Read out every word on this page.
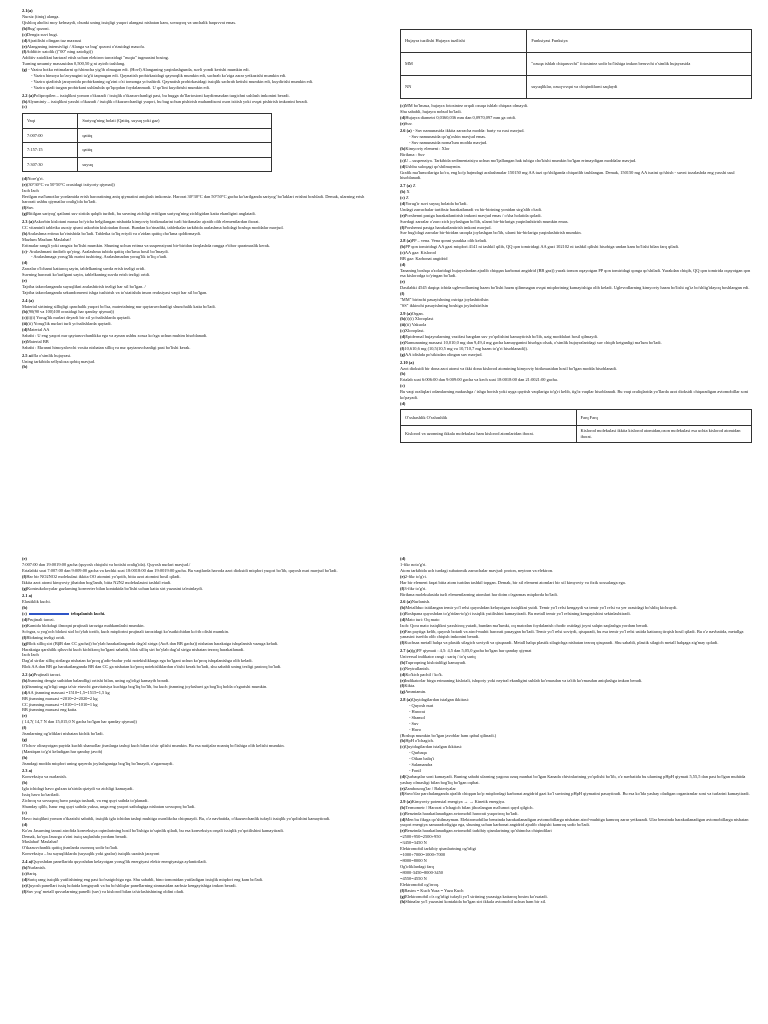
2.1(a)

Nursiz (tiniq) alanga.

Qishloq aholisi moy kelmaydi, chunki uning issiqligi yuqori alangasi nisbatan kam, sovuqroq va unchalik baquvvat emas.

(b)Bug' qozoni.

(c)Dengiz suvi bugi.

(d)Ajratilishi olingan tuz maxsusi

(e)Alanganing intensivligi / Alanga va bug' qozoni o'rtasidagi masofa.

(f)Addiitiv xatolik (("00" ning xatoligi))

Additiv xatolikni bartaraf etish uchun elektron tarozidagi "nuqta" tugmasini bosing.

Turning umumiy massasidan 0,500,50 g ni ayirib tashlang.

(g) - Vazira hotka eritmalarni qo'shimcha yig'ib olmagan edi. (Hovl) Alanganing yaqinlashgunda, suvli yondi kerishi mumkin edi.

- Vazira himoya ko'zoynagini ta'g'ti taqmagan edi. Qaynatish probirkasidagi qaynoqlik mumkin edi, sachrab ko'ziga zarar yetkazishi mumkin edi.

- Vazira qizdirish jarayonida probirkaning og'zini o'zi tomonga yo'naltirdi. Qaynatish probirkasidagi issiqlik sachrab ketishi mumkin edi, kuydirishi mumkin edi.

- Vazira qizdi turgan probirkani ushlashda qo'lqopdan foydalanmadi. U qo'lini kuydirishi mumkin edi.

2.2 (a)Polipropilen – issiqlikni yomon o'tkazadi / issiqlik o'tkazuvchanligi past, bu bugga do'llartosioni kaydirmasdan turgichni ushlash imkonini beradi.

(b)Alyuminiy – issiqlikni yaxshi o'tkazadi / issiqlik o'tkazuvchanligi yuqori, bu bug uchun pishirish muhandisoni oson isitish yoki ovqat pishirish imkonini beradi.

(c)

Vaqt	Sariyog'ning holati (Qattiq, suyuq yoki gaz)
7:007:00	qattiq
7:157:15	qattiq
7:307:30	suyuq

(d)Nore'g'ri.

(e)(30°30°C va 50°50°C orasidagi ixtiyoriy qiymat))

Izoh Izoh

Berilgan ma'lumotlar yordamida erish haroratining aniq qiymatini aniqlash imkonsiz. Harorat 30°30°C dan 50°50°C gacha ko'tarilganda sariyog' bo'laklari erishni boshladi. Demak, ularning erish harorati ushbu qiymatlar oralig'ida bo'ladi.

(f)Suv.

(g)Bitilgan sariyog' qatlami suv sirtida qalqib turibdi, bu suvning zichligi eritilgan sariyog'ning zichligidan katta ekanligini anglatadi.

2.3 (a)Askorbin kislotani massa bo'yicha belgilangan nisbatda kimyoviy birikmalarini turli birikmalar ajratib olib elementlardan iborat.

CC vitaminli tabletka asosiy qismi askorbin kislotadan iborat. Bundan ko'rinadiki, tabletkalar tarkibida aralashma holidagi boshqa moddalar mavjud.

(b)Aralashma eritma ko'rinishida bo'ladi. Tabletka to'liq eriydi va o'zidan qattiq cho'kma qoldirmaydi.

Mazlum Mazlum Maslahat!

Eritmalar rangli yoki rangsiz bo'lishi mumkin. Shuning uchun eritma va suspenziyani bir-biridan farqlashda rangga e'tibor qaratmaslik kerak.

(c)- Aralashmani tindirib qo'ying. Aralashma tubida qattiq cho'kma hosil bo'lmaydi.

- Aralashmaga yorug'lik nurini tushiring. Aralashmadan yorug'lik to'liq o'tadi.

(d)

Zarralar o'lchami kattaroq sayin, tablelkaning suvda erish tezligi ortdi.

Suvning harorati ko'tarilgani sayin, tablelkaning suvda erish tezligi ortdi.

(e)

Tajriba takrorlanganda suyuqlikni aralashtirish tezligi har xil bo'lgan. /

Tajriba takrorlanganda sekundomerni ishga tushirish va to'xtatishda inson reaksiyasi vaqti har xil bo'lgan.

2.4 (a)

Material sirtining silliqligi qanchalik yuqori bo'lsa, materialning nur qaytaruvchanligi shunchalik katta bo'ladi.

(b)(90(90 va 100)100 orasidagi har qanday qiymat))

(c)(i)(i) Yorug'lik nurlari deyarli bir xil yo'nalishlarda qaytadi.

(ii)(ii) Yorug'lik nurlari turli yo'nalishlarda qaytadi.

(d)Material AA

Sababi : U eng yaqori nur qaytaruvchanlikka ega va aynan ushbu xossa ko'zga uchun muhim hisoblanadi.

(e)Material BB

Sababi : Ekranni himoyalovchi vosita nisbatan silliq va nur qaytaruvchanligi past bo'lishi kerak.

2.5 aiffla o'simlik hujayrasi.

Uning tarkibida sellyuloza qobiq mavjud.

(b)

Hujayra tuzilishi Hujayra tuzilishi	Funksiyasi Funksiya
MM	"ozuqa ishlab chiqaruvchi" fotosintez sodir bo'lishiga imkon beruvchi o'simlik hujayrasida
NN	suyuqliklar, ozuq-ovqat va chiqindilarni saqlaydi

(c)MM bo'lmasa, hujayra fotosintez orqali ozuqa ishlab chiqara olmaydi.

Shu sababli, hujayra nobud bo'ladi.

(d)Hujayra diametri 0,0360,036 mm dan 0,0970,097 mm ga ortdi.

(e)Suv.

2.6 (a) - Suv namunasida ikkita zarracha modda: barty va ruxi mavjud.

- Suv namunasida qo'rg'oshin mavjud emas.

- Suv namunasida noma'lum modda mavjud.

(b)Kimyoviy element : Xlor

Birikma : Suv

(c)U – suspenziya. Tarkibida sedimentatsiya uchun mo'ljallangan hak tubiga cho'kishi mumkin bo'lgan erimaydigan moddalar mavjud.

(d)Ushbu suloqagi qo'shilmaymin.

Grafik ma'lumotlariga ko'ra, eng ko'p hajmdagi aralashmalar 150150 mg AA tuzi qo'shilganda chiqarilib tashlangan. Demak, 150150 mg AA tuzini qo'shish - suvni tozalashda eng yaxshi usul hisoblanadi.

2.7 (a) Z

(b) X

(c) Z

(d)Yorug'ir suvi suyuq holatda bo'ladi.

Undagi zarrachalar tartibsiz harakatlanadi va bir-birining yonidan sirg'alib o'tadi.

(e)Porshenni pastga harakatlantirish imkoni mavjud emas / o'sha holatida qoladi.

Suvdagi zarralar o'zaro zich joylashgan bo'lib, ularni bir-birlariga yaqinlashtirish mumkin emas.

(f)Porshenni pastga harakatlantirish imkoni mavjud.

Suv bug'idagi zarralar bir-biridan uzoqda joylashgan bo'lib, ularni bir-birlariga yaqinlashtirish mumkin.

2.8 (a)PP – vena. Vena qonni yurakka olib keladi.

(b)PP qon tomiridagi AA gazi miqdori 4141 ni tashkil qilib, QQ qon tomiridagi AA gazi 102102 ni tashkil qilishi hisobiga undan kam bo'lishi bilan farq qiladi.

(c)AA gaz: Kislorod

BB gaz: Karbonat angidrid

(d)

Tananing boshqa a'zolaridagi hujayralardan ajralib chiqqan karbonat angidrid (BB gaz)) yurak tomon oqayotgan PP qon tomiridagi qonga qo'shiladi. Yurakdan chiqib, QQ qon tomirida oqayotgan qon esa kislorodga to'yingan bo'ladi.

(e)

Dastlabki 4545 daqiqa ichida uglevodlarning hazm bo'lishi hazm qilinmagan ovqat miqdorining kamayishiga olib keladi. Uglevodlarning kimyoviy hazm bo'lishi og'iz bo'shlig'idayoq boshlangan edi.

(f)

"MM" birinchi pasayishning ostriga joylashtirilsin

"SS" ikkinchi pasayishning boshiga joylashtirilsin

2.9 (a)Organ.

(b)(i)(i) Xloroplast

(ii)(ii) Vakuola

(c)Xloroplast.

(d)Epidermal hujayralarning vazifasi bargdan suv yo'qolishini kamaytirish bo'lib, uzig moddalari hosil qilmaydi.

(e)Namunaning massasi 10,010,0 mg dan 9,49,4 mg gacha kamayganini hisobga olsak, o'simlik hujayralaridagi suv chiqib ketganligi ma'lum bo'ladi.

(f)10,610,6 mg (10,5(10,5 mg va 10,710,7 mg hazm to'g'ri hisoblanadi)).

(g)AA idishda po'stkisdan olingan suv mavjud.

2.10 (a)

Azot dioksidi bir dona azot atomi va ikki dona kislorod atomining kimyoviy birikmasidan hosil bo'lgan modda hisoblanadi.

(b)

Ertalab soat 6:006:00 dan 9:009:00 gacha va kech soat 18:0018:00 dan 21:0021:00 gacha.

(c)

Bu vaqt oraliqlari odamlarning makushga / ishga borish yoki uyga qaytish vaqtlariga to'g'ri kelib, tig'iz vaqtlar hisoblanadi. Bu vaqt oraliqlarida yo'llarda azot dioksidi chiqaradigan avtomobillar soni ko'payadi.

(d)

O'xshashlik O'xshashlik	Farq Farq
Kislorod va uzonning ikkala molekulasi ham kislorod atomlaridan iborat.	Kislorod molekulasi ikkita kislorod atomidan,ozon molekulasi esa uchta kislorod atomidan iborat.

(e)

7:007:00 dan 19:0019:00 gacha (quyosh chiqishi va botishi oralig'ida). Quyosh nurlari mavjud./

Ertalabki soat 7:007:00 dan 9:009:00 gacha va kechki soat 18:0018:00 dan 19:0019:00 gacha. Bu vaqtlarda havoda azot dioksidi miqdori yuqori bo'lib, quyosh nuri mavjud bo'ladi.

(f)Har bir NO2NO2 molekulasi ikkita OO atomini yo'qotib, bitta azot atomini hosil qiladi.

Ikkita azot atomi kimyoviy jihatdan bog'lanib, bitta N2N2 molekulasini tashkil etadi.

(g)Kontrukoloryalar gazlarning konverter bilan kontaktda bo'lishi uchun katta sirt yuzasini ta'minlaydi.

2.1 a)

Elastiklik kuchi.

(b)

(c)	tebqalanish kuchi.

(d)Prujinali tarozi.

(e)Kamida blokdagi ilmoqni prujinali taroziga mahkamlashi mumkin.

So'ngra, u yog'och blokni stol bo'ylab tortib, kuch miqdorini prujinali tarozidagi ko'rsatkichidan ko'rib olishi mumkin.

(f)Blokning tezligi ortdi.

(g)Blok silliq sirt (BβB dan CC gacha)) bo'ylab harakatlanganda dag'al sirtga (AαA dan BB gacha)) nisbatan harakatga ishqalanish vazuga keladi.

Harakatga qarshilik qiluvchi kuch kichikroq bo'lgani sababli, blok silliq sirt bo'ylab dag'al sirtga nisbatan tezroq harakatlanadi.

Izoh Izoh

Dag'al sirtlar silliq sirtlarga nisbatan ko'proq g'adir-budur yoki notekisliklarga ega bo'lgani uchun ko'proq ishqalanishga olib keladi.

Blok AA dan BB ga harakatlanganda BB dan CC ga nisbatan ko'proq notekisliklardan o'tishi kerak bo'ladi, shu sababli uning tezligi pastroq bo'ladi.

2.2 (a)Prujinali tarozi.

(b)Jismning dengiz suthidan balandligi ortishi bilan, uning og'irligi kamayib boradi.

(c)Jismning og'irligi unga ta'sir etuvchi gravitatsiya kuchiga bog'liq bo'lib, bu kuch jismning joylashuvi ga bog'liq holda o'zgarishi mumkin.

(d)AA jismning massasi =1510=1,5=1515=1,5 kg

BB jismning massasi =2010=2=2020=2 kg

CC jismning massasi =1010=1=1010=1 kg

BB jismning massasi eng katta.

(e)

( 14,7( 14,7 N dan 15,015,0 N gacha bo'lgan har qanday qiymat))

(f)

Jismlarning og'irliklari nisbatan kichik bo'ladi.

(g)

O'lchov olinayotgan paytda kuchli shamollar jismlarga tashqi kuch bilan ta'sir qilishi mumkin. Bu esa natijalar noaniq bo'lishiga olib kelishi mumkin.

(Mantiqan to'g'ri keladigan har qanday javob)

(h)

Jismdagi modda miqdori uning qayerda joylashganiga bog'liq bo'lmaydi, o'zgarmaydi.

2.3 a)

Konveksiya va nurlanish.

(b)

Igla ichidagi havo gulxan ta'sirida qiziydi va zichligi kamayadi.

Issiq havo ko'tariladi.

Zichroq va sovuqroq havo pastga tushadi, va eng quyi sathda to'planadi.

Shunday qilib, Isnur eng quyi sathda yuksa, unga eng yuqori sathdagiga nisbatan sovuqroq bo'ladi.

(c)

Havo issiqlikni yomon o'tkazishi sababli, issiqlik igla ichidan tashqi muhitga osonlikcha chiqmaydi. Bu, o'z navbatida, o'tkazuvchanlik tufayli issiqlik yo'qolishini kamaytiradi.

(d)

Ko'zu Jasurning tanasi atrofida konveksiya oqimlarining hosil bo'lishiga to'sqinlik qiladi, bu esa konveksiya orqali issiqlik yo'qotilishini kamaytiradi.

Demak, ko'rpa Jasurga o'zini issiq saqlashda yordam beradi.

Maslahat! Maslahat!

O'tkazuvchanlik qattiq jismlarda osonroq sodir bo'ladi.

Konveksiya – bu suyuqliklarda (suyuqlik yoki gazlar) issiqlik uzatish jarayoni

2.4 a)Quyoshdan panellarida quyoshdan kelayotgan yorug'lik energiyasi elektr energiyasiga aylantiriladi.

(b)Nurlanish.

(c)Sariq.

(d)Sariq rang issiqlik yutilishining eng past ko'rsatgichiga ega. Shu sababli, bino tomonidan yutiladigan issiqlik miqdori eng kam bo'ladi.

(e)Quyosh panellari issiq holatda kengayadi va bu bo'shliqlar panellarning sinmasidan zarbsiz kengayishiga imkon beradi.

(f)Suv yog' metall quvurlarning panelli (suv) va kislorod bilan ta'sirlashishining oldini oladi.

(d)

1-fikr noto'g'ri.

Atom tarkibida uch turdagi subatomik zarrachalar mavjud: proton, neytron va elektron.

(e)2-fikr to'g'ri.

Har bir element faqat bitta atom turidan tashkil topgan. Demak, bir xil element atomlari bir xil kimyoviy va fizik xossalarga ega.

(f)3-fikr to'g'ri.

Birikma molekulasida turli elementlarning atomlari har doim o'zgarmas miqdorda bo'ladi.

2.6 (a)Nurlanish.

(b)Metallduo isitilangan temir yo'l relsi quyoshdan kelayotgan issiqlikni yutdi. Temir yo'l relsi kengaydi va temir yo'l relsi va yer orasidagi bo'shliq kichraydi.

(c)Bosbpana quyoshdan to'g'ridan-to'g'ri issiqlik yutilishini kamaytiradi. Bu metall temir yo'l relsining kengayishini sekinlashtiradi.

(d)Mato turi: Oq mato

Izoh: Qora mato issiqlikni yaxshiroq yutadi, bundan ma'lumki, oq matodan foydalanish chodir ostidagi joyni salqin saqlashga yordam beradi.

(e)Fan paytiga kelib, quyosh botadi va atrof-muhit harorati pasaygan bo'ladi. Temir yo'l relsi soviydi, qisqaradi, bu esa temir yo'l relsi ustida kattaroq tirqish hosil qiladi. Bu o'z navbatida, metallga yanasini tsrefda olib chiqish imkonini beradi.

(f)Kuchsaz metall halqa va plastik silagich soviydi va qisqaradi. Metall halqa plastik silagichga nisbatan tezroq qisqaradi. Shu sababli, plastik silagich metall halqaga zig'may qoladi.

2.7 (a)(g)FF qiymati : 4,5: 4,5 dan 5,05,0 gacha bo'lgan har qanday qiymat

Universal indikator rangi : sariq / to'q sariq

(b)Tuproqning kislotaliligi kamayadi.

(c)Neytrallanish.

(d)Ko'kich pachil / ko'k.

(e)Indikatorlar birga erimaning kislotali, ishqoriy yoki neytral ekanligini ushlab ko'rmasdan va ta'tib ko'rmasdan aniqlashga imkon beradi.

(f)Kikta.

(g)Ammiamin.

2.8 (a)Quyidagilardan istalgan ikkitasi:

- Quyosh nuri

- Harorat

- Shamol

- Suv

- Havo

(Boshqa mumkin bo'lgan javoblar ham qabul qilinadi.)

(b)HpH o'lchagich.

(c)Quyidagilardan istalgan ikkitasi:

- Qurbaqa

- Oikan baliq'i

- Salamandra

- Fonil

(d)Qurbaqalar soni kamayadi. Buning sababi ularning yagona ozuq manbai bo'lgan Kanada chivinlarining yo'qolishi bo'lib, o'z navbatida bu ularning pHpH qiymati 5,55,5 dan past bo'lgan muhitda yashay olmasligi bilan bog'liq bo'lgan oqibat.

(e)Zambourog'lar / Bakteriyalar

(f)Suvo'tlar parchalanganda ajralib chiqqan ko'p miqdordagi karbonat angidrid gazi ko'l suvining pHpH qiymatini pasaytiradi. Bu esa ko'lda yashay oladigan organizmlar soni va turlarini kamaytiradi.

2.9 (a)Kimyoviy potensial energiya → → Kinetik energiya.

(b)Termometr / Harorat o'lchagich bilan jihozlangan ma'lumot qayd qilgich.

(c)Benzinda harakatlanadigan avtomobil harorati yuqoriroq bo'ladi.

(d)Men bu fikrga qo'shilmayman. Elektromobillar benzinda harakatlanadigan avtomobillarga nisbatan atrof-muhitga kamroq zarar yetkazadi. Ular benzinda harakatlanadigan avtomobillarga nisbatan yuqori energiya samaradorligiga ega, shuning uchun karbonat angidrid ajralib chiqishi kamroq sodir bo'ladi.

(e)Benzinda harakatlanadigan avtomobil tarkibiy qismlarining qo'shimcha chiqindilari

=2500+950=2500+950

=3450=3450 N

Elektromobil tarkibiy qismlarining og'irligi

=1000+7000=1000+7000

=8000=8000 N

Og'irliklardagi farq

=8000-3450=8000-3450

=4550=4550 N

Elektromobil og'irroq.

(f)Basim = Kuch Yuza = Yuza Kuch

(g)Elektromobil o'z og'irligi tufayli yo'l sirtining yuzasiga kattaroq bosim ko'rsatadi.

(h)Shinalar yo'l yuzasini kontaktda bo'lgan sirt ikkala avtomobil uchun ham bir xil.
